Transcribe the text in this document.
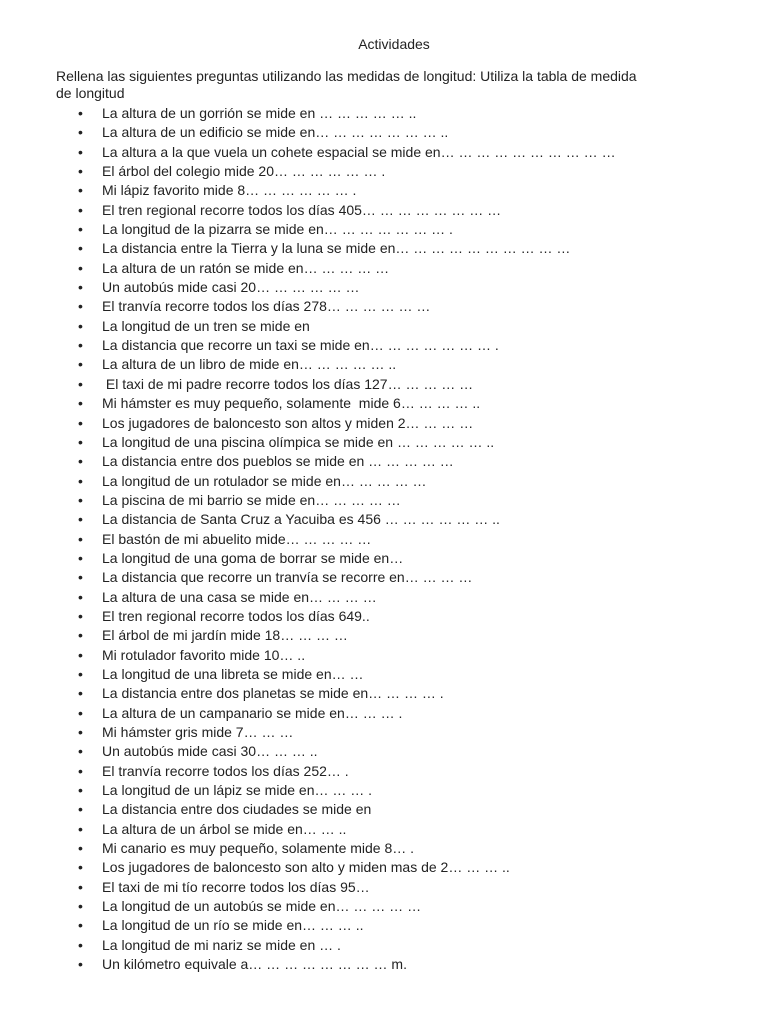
Actividades
Rellena las siguientes preguntas utilizando las medidas de longitud: Utiliza la tabla de medida
de longitud
• La altura de un gorrión se mide en … … … … … ..
• La altura de un edificio se mide en… … … … … … … ..
• La altura a la que vuela un cohete espacial se mide en… … … … … … … … … …
• El árbol del colegio mide 20… … … … … … .
• Mi lápiz favorito mide 8… … … … … … .
• El tren regional recorre todos los días 405… … … … … … … …
• La longitud de la pizarra se mide en… … … … … … … .
• La distancia entre la Tierra y la luna se mide en… … … … … … … … … …
• La altura de un ratón se mide en… … … … …
• Un autobús mide casi 20… … … … … …
• El tranvía recorre todos los días 278… … … … … …
• La longitud de un tren se mide en
• La distancia que recorre un taxi se mide en… … … … … … … .
• La altura de un libro de mide en… … … … … ..
• El taxi de mi padre recorre todos los días 127… … … … …
• Mi hámster es muy pequeño, solamente  mide 6… … … … ..
• Los jugadores de baloncesto son altos y miden 2… … … …
• La longitud de una piscina olímpica se mide en … … … … … ..
• La distancia entre dos pueblos se mide en … … … … …
• La longitud de un rotulador se mide en… … … … …
• La piscina de mi barrio se mide en… … … … …
• La distancia de Santa Cruz a Yacuiba es 456 … … … … … … ..
• El bastón de mi abuelito mide… … … … …
• La longitud de una goma de borrar se mide en…
• La distancia que recorre un tranvía se recorre en… … … …
• La altura de una casa se mide en… … … …
• El tren regional recorre todos los días 649..
• El árbol de mi jardín mide 18… … … …
• Mi rotulador favorito mide 10… ..
• La longitud de una libreta se mide en… …
• La distancia entre dos planetas se mide en… … … … .
• La altura de un campanario se mide en… … … .
• Mi hámster gris mide 7… … …
• Un autobús mide casi 30… … … ..
• El tranvía recorre todos los días 252… .
• La longitud de un lápiz se mide en… … … .
• La distancia entre dos ciudades se mide en
• La altura de un árbol se mide en… … ..
• Mi canario es muy pequeño, solamente mide 8… .
• Los jugadores de baloncesto son alto y miden mas de 2… … … ..
• El taxi de mi tío recorre todos los días 95…
• La longitud de un autobús se mide en… … … … …
• La longitud de un río se mide en… … … ..
• La longitud de mi nariz se mide en … .
• Un kilómetro equivale a… … … … … … … … m.
